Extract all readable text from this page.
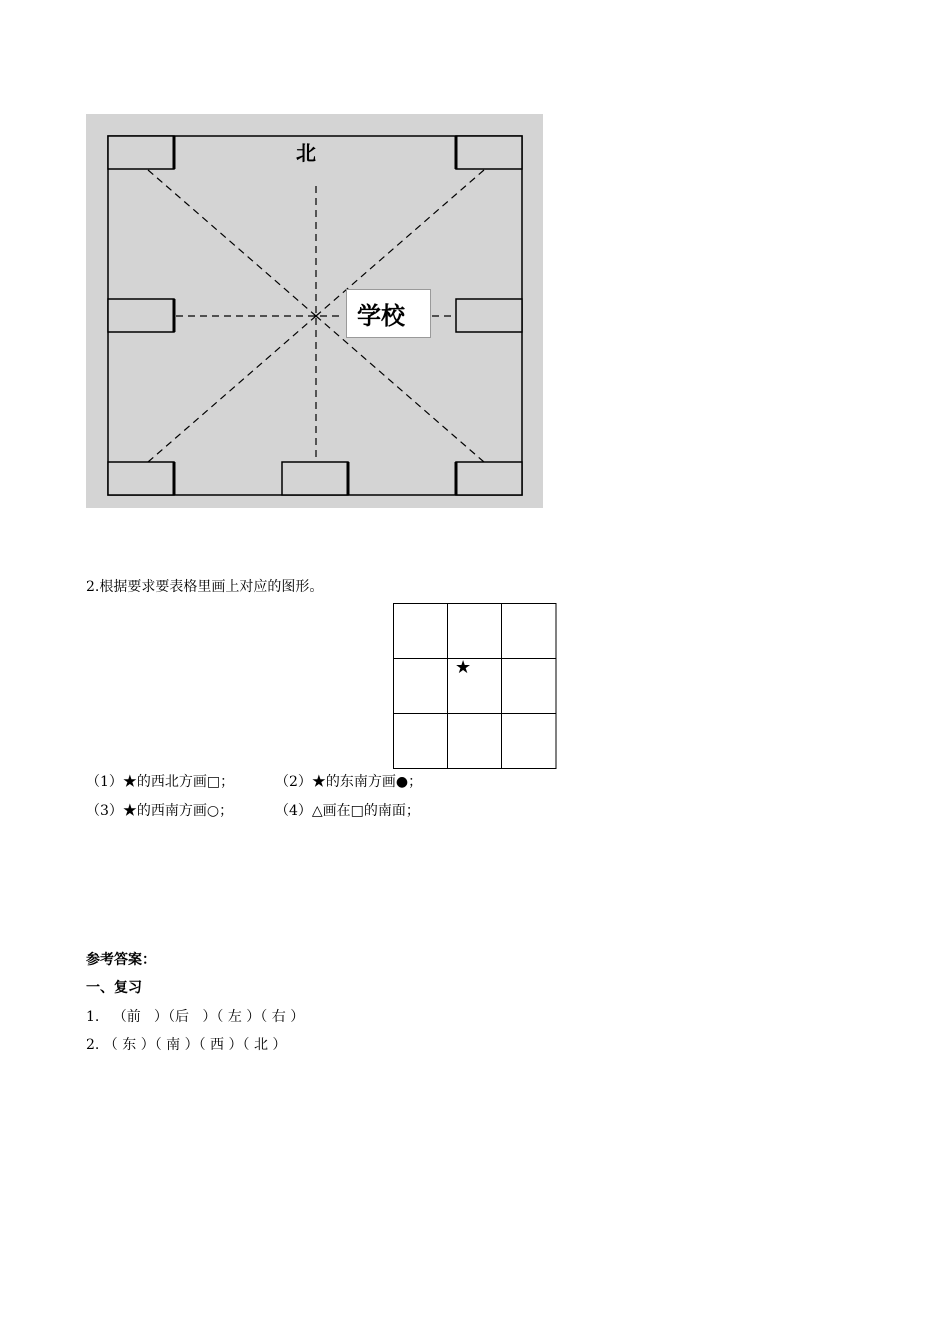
北
学校
2.根据要求要表格里画上对应的图形。
★
（1）★的西北方画□；	（2）★的东南方画●；
（3）★的西南方画○；	（4）△画在□的南面；
参考答案：
一、复习
1.   （前   ）（后   ）（ 左 ）（ 右 ）
2. （ 东 ）（ 南 ）（ 西 ）（ 北 ）
